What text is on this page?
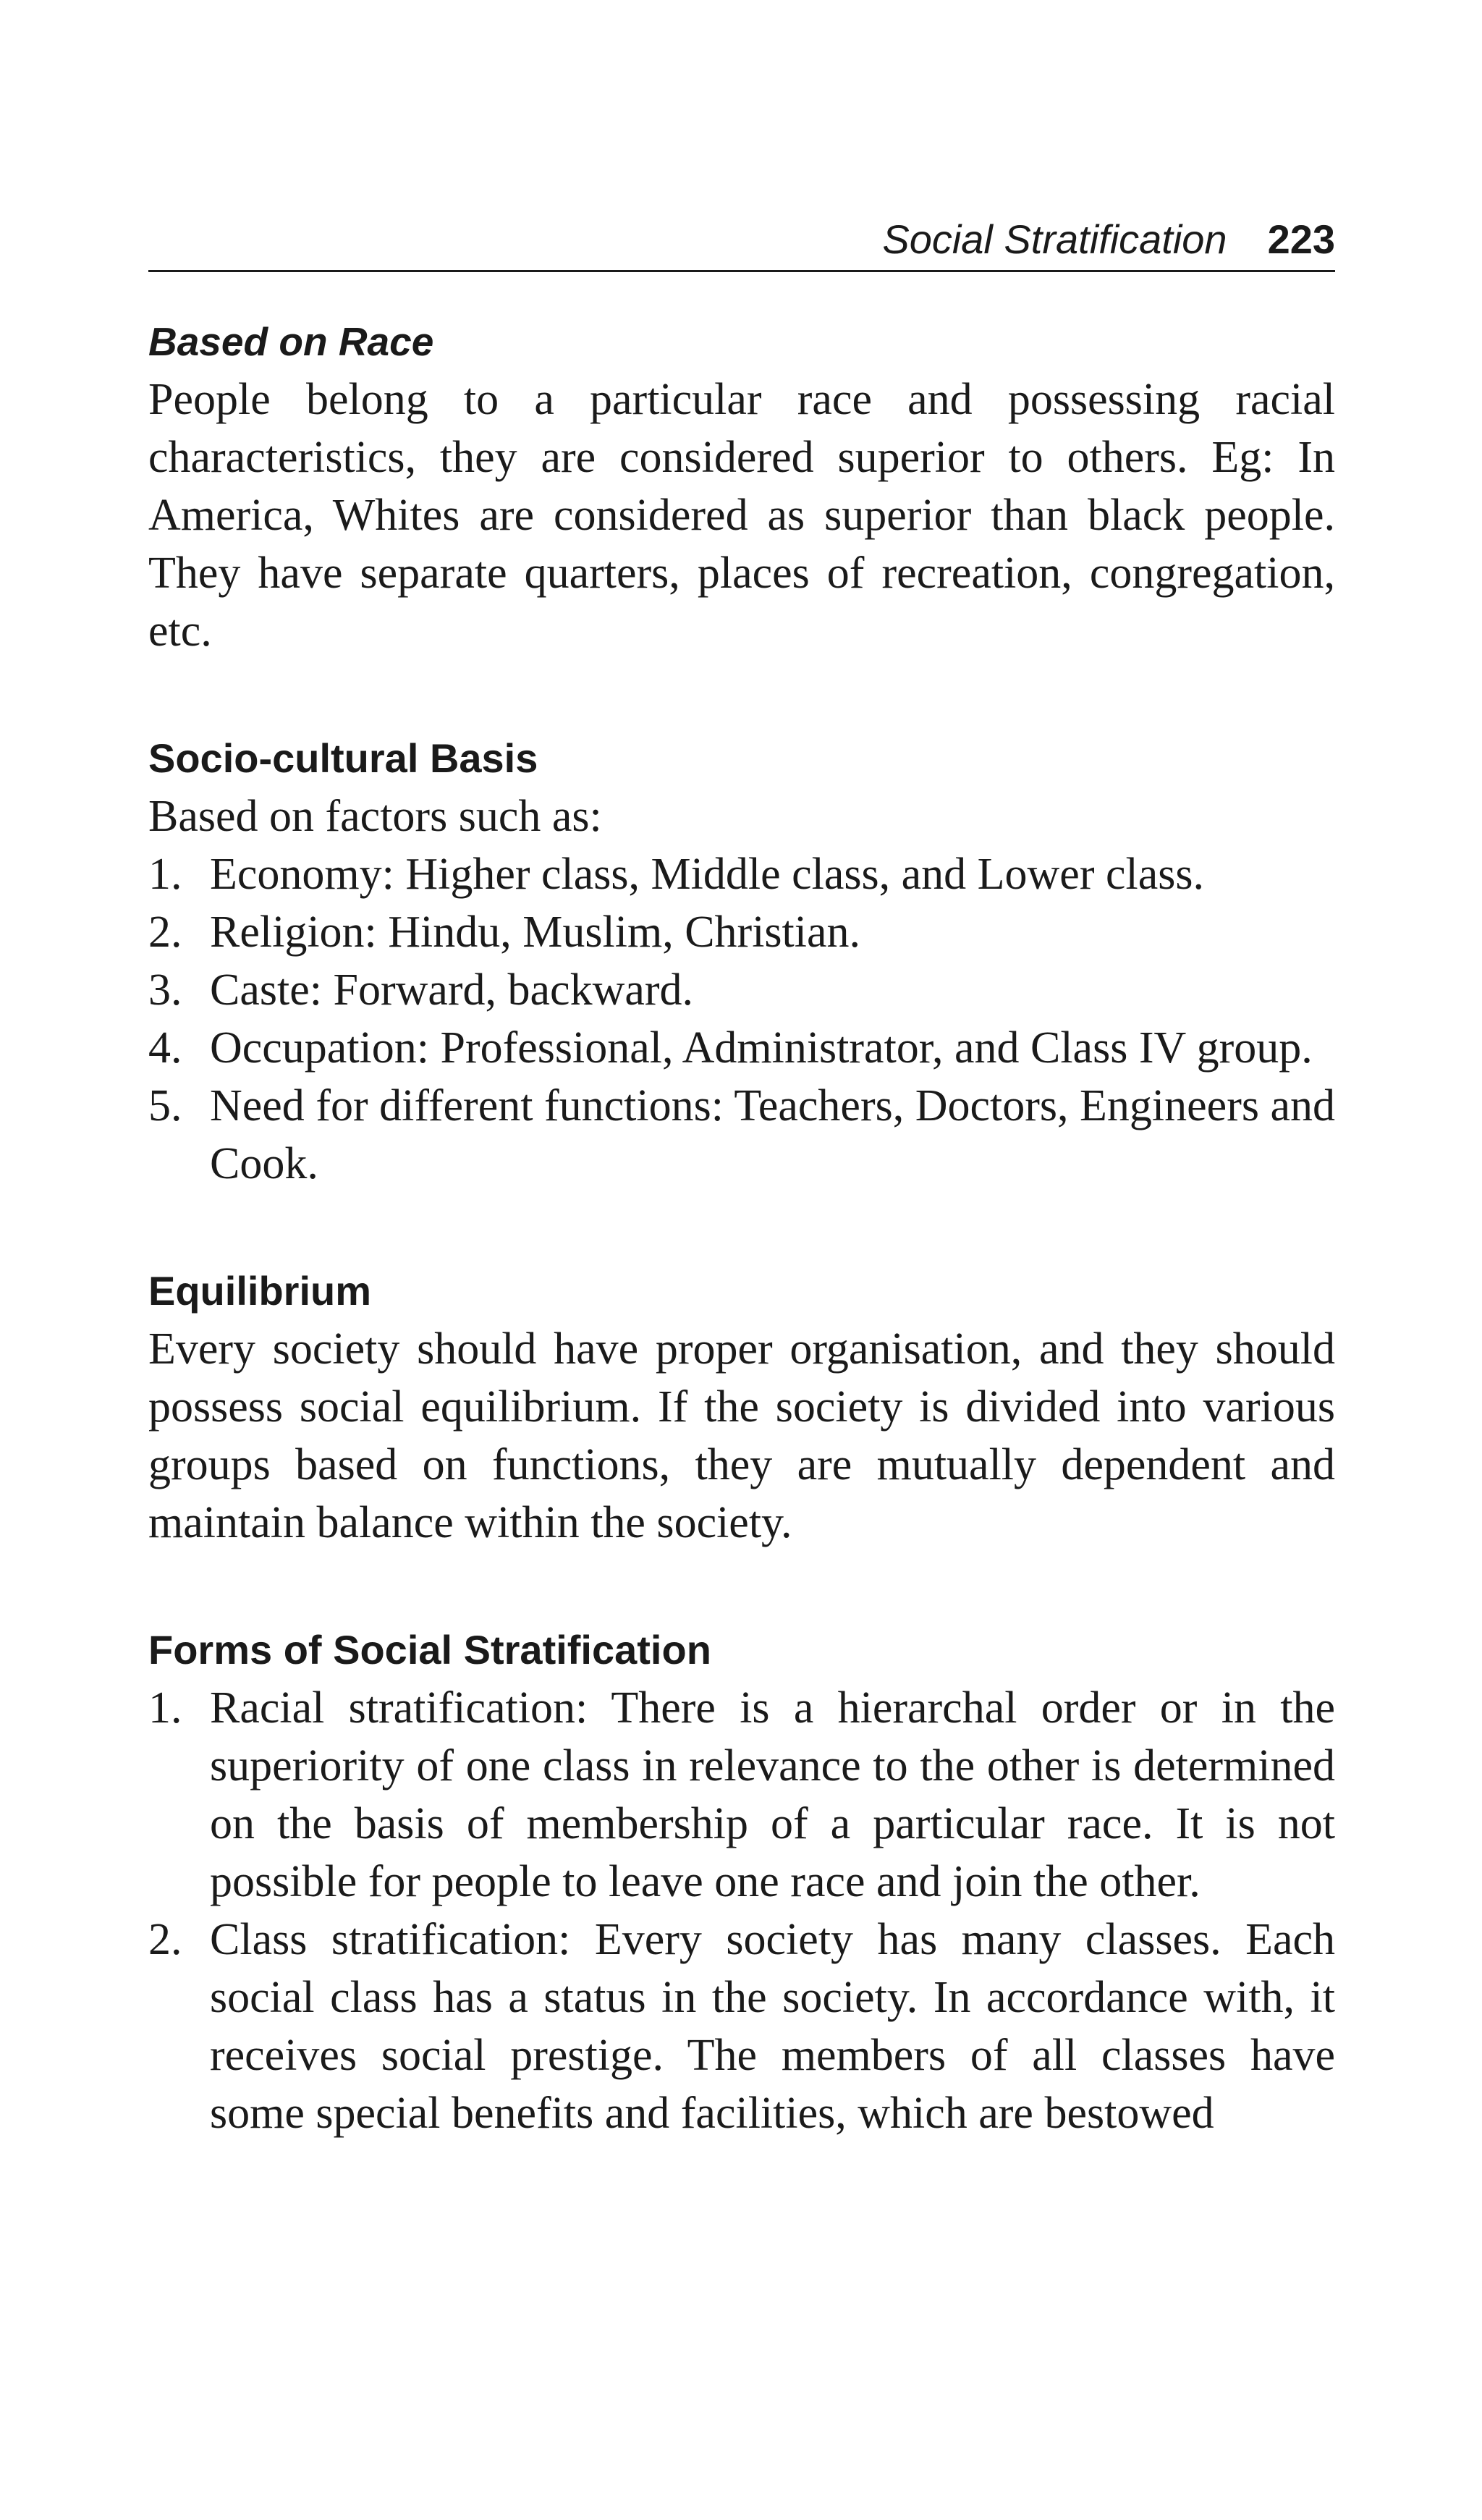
Social Stratification 223
Based on Race

People belong to a particular race and possessing racial characteristics, they are considered superior to others. Eg: In America, Whites are considered as superior than black people. They have separate quarters, places of recreation, congregation, etc.

Socio-cultural Basis

Based on factors such as:

1. Economy: Higher class, Middle class, and Lower class.
2. Religion: Hindu, Muslim, Christian.
3. Caste: Forward, backward.
4. Occupation: Professional, Administrator, and Class IV group.
5. Need for different functions: Teachers, Doctors, Engineers and Cook.
Equilibrium

Every society should have proper organisation, and they should possess social equilibrium. If the society is divided into various groups based on functions, they are mutually dependent and maintain balance within the society.

Forms of Social Stratification
1. Racial stratification: There is a hierarchal order or in the superiority of one class in relevance to the other is determined on the basis of membership of a particular race. It is not possible for people to leave one race and join the other.
2. Class stratification: Every society has many classes. Each social class has a status in the society. In accordance with, it receives social prestige. The members of all classes have some special benefits and facilities, which are bestowed
